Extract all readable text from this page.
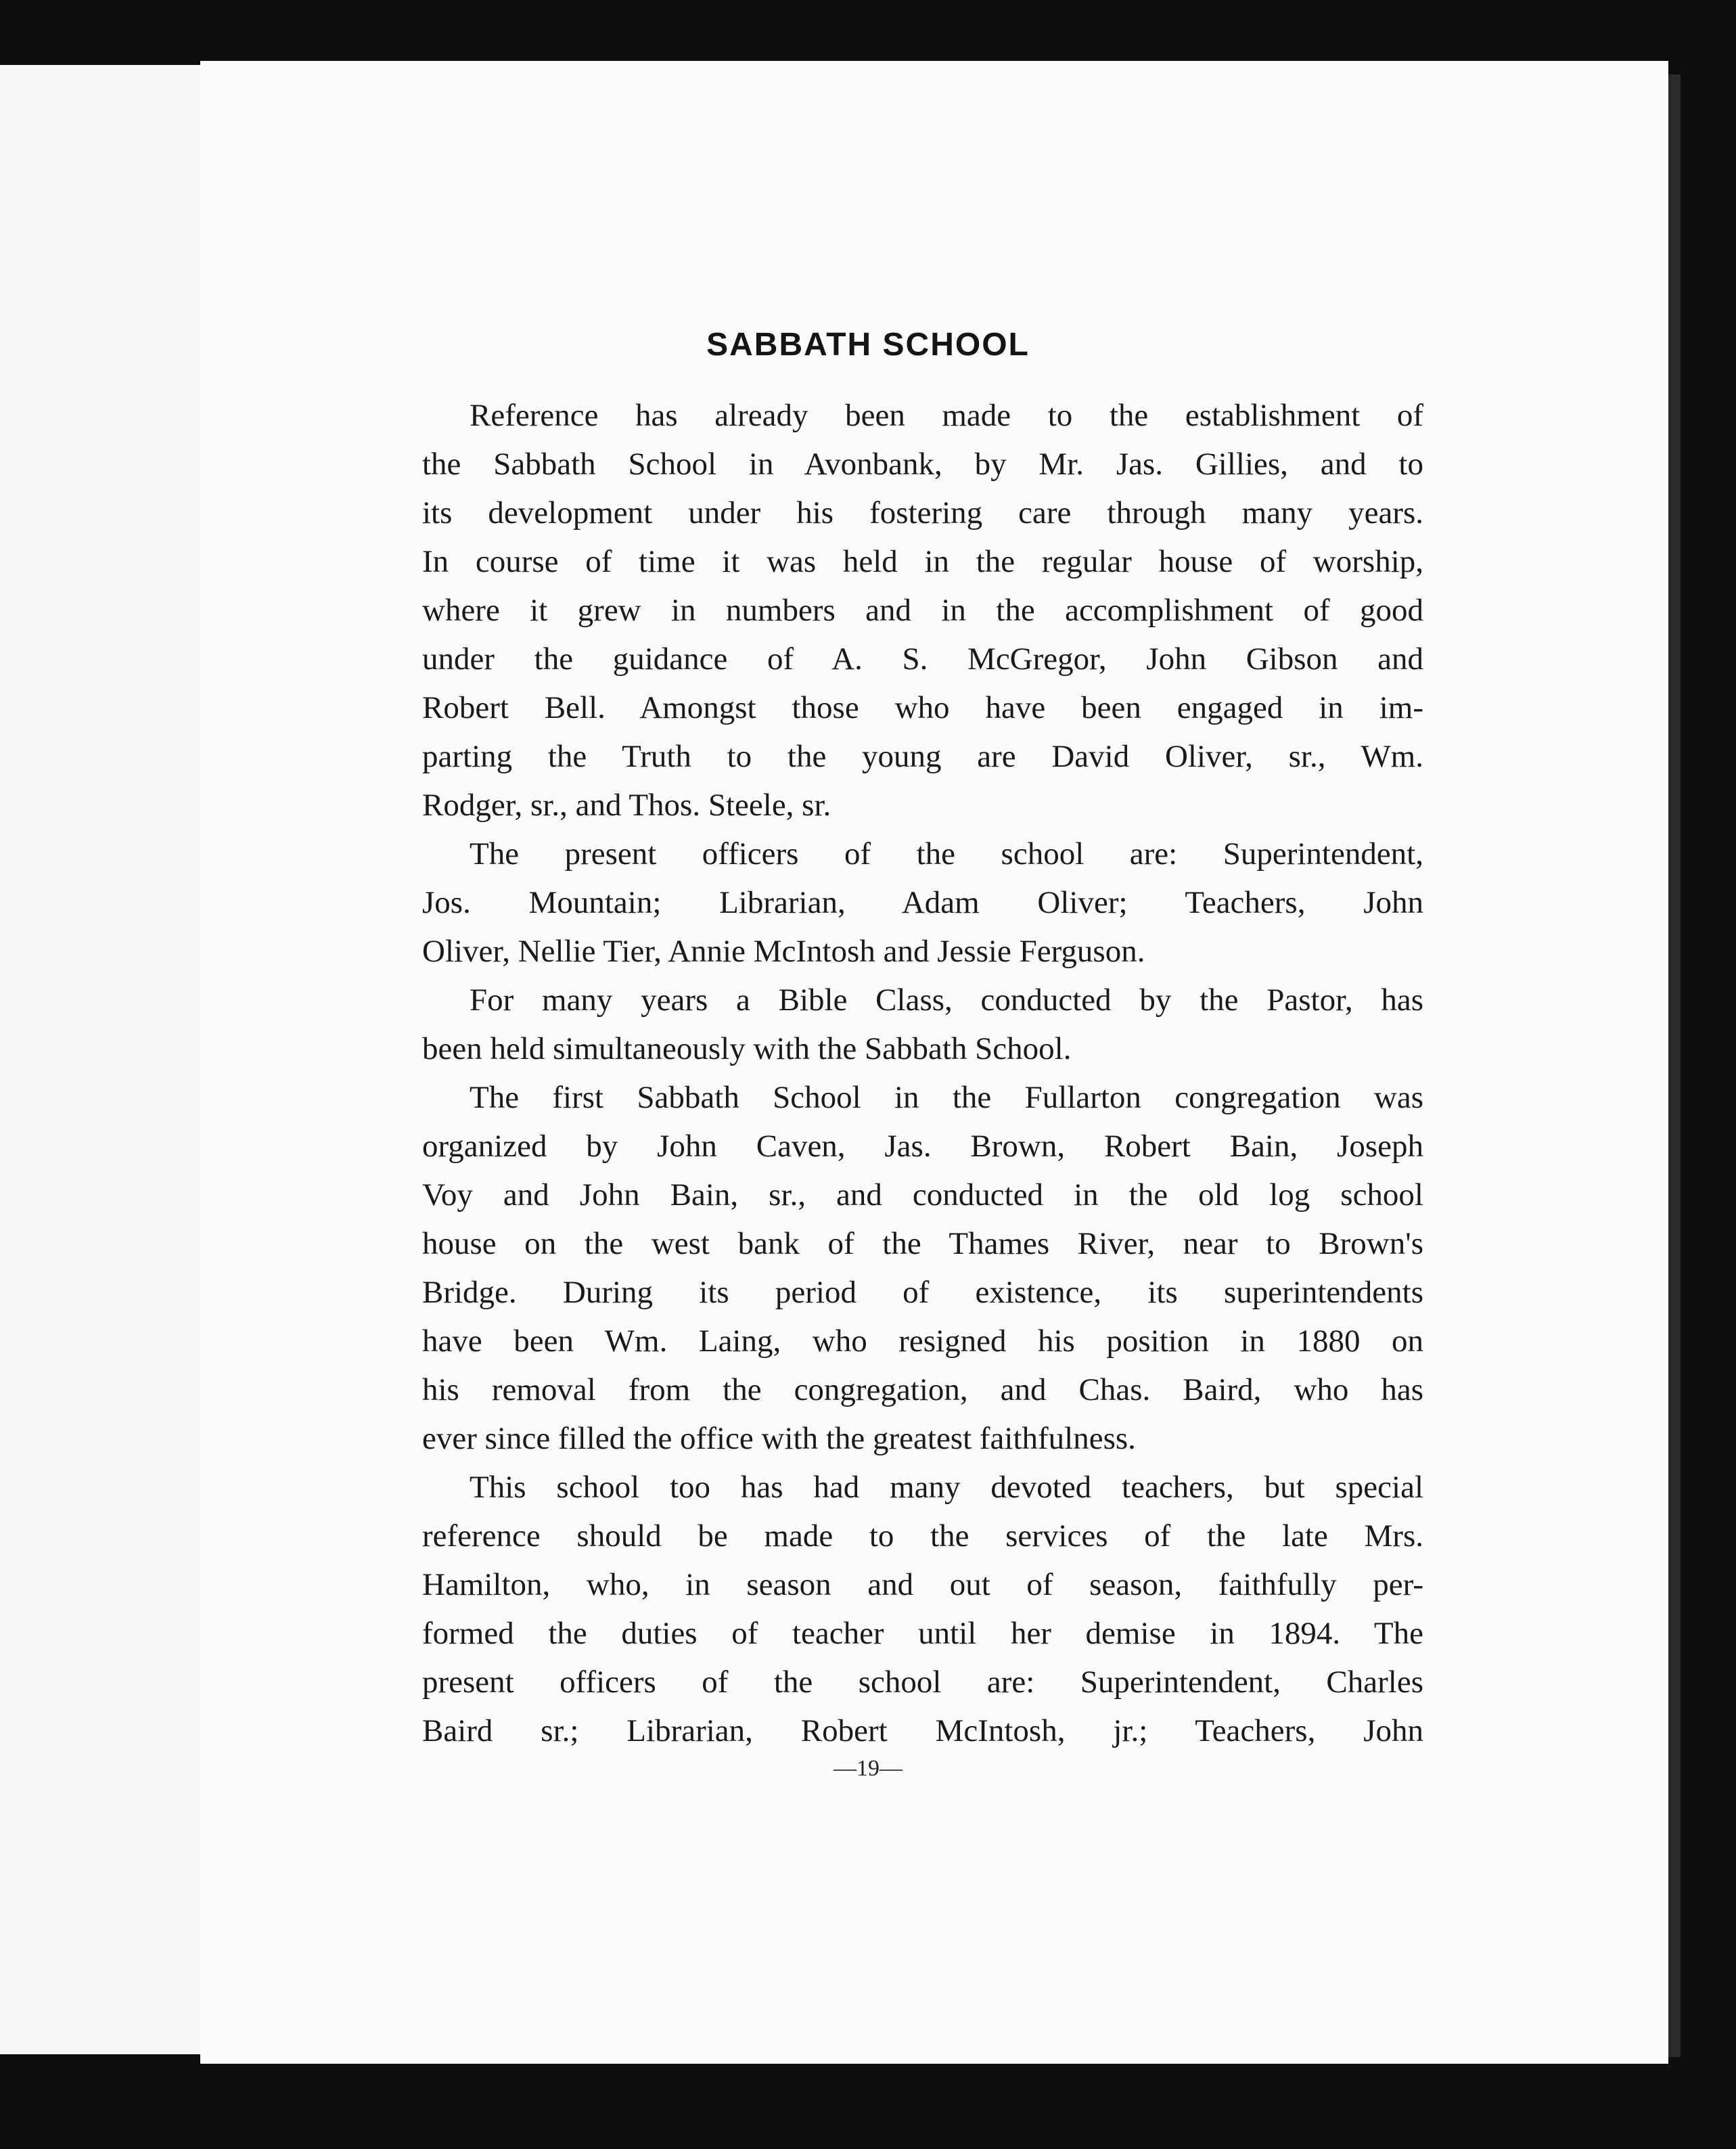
SABBATH SCHOOL
Reference has already been made to the establishment of
the Sabbath School in Avonbank, by Mr. Jas. Gillies, and to
its development under his fostering care through many years.
In course of time it was held in the regular house of worship,
where it grew in numbers and in the accomplishment of good
under the guidance of A. S. McGregor, John Gibson and
Robert Bell. Amongst those who have been engaged in im-
parting the Truth to the young are David Oliver, sr., Wm.
Rodger, sr., and Thos. Steele, sr.
The present officers of the school are: Superintendent,
Jos. Mountain; Librarian, Adam Oliver; Teachers, John
Oliver, Nellie Tier, Annie McIntosh and Jessie Ferguson.
For many years a Bible Class, conducted by the Pastor, has
been held simultaneously with the Sabbath School.
The first Sabbath School in the Fullarton congregation was
organized by John Caven, Jas. Brown, Robert Bain, Joseph
Voy and John Bain, sr., and conducted in the old log school
house on the west bank of the Thames River, near to Brown's
Bridge. During its period of existence, its superintendents
have been Wm. Laing, who resigned his position in 1880 on
his removal from the congregation, and Chas. Baird, who has
ever since filled the office with the greatest faithfulness.
This school too has had many devoted teachers, but special
reference should be made to the services of the late Mrs.
Hamilton, who, in season and out of season, faithfully per-
formed the duties of teacher until her demise in 1894. The
present officers of the school are: Superintendent, Charles
Baird sr.; Librarian, Robert McIntosh, jr.; Teachers, John
—19—
